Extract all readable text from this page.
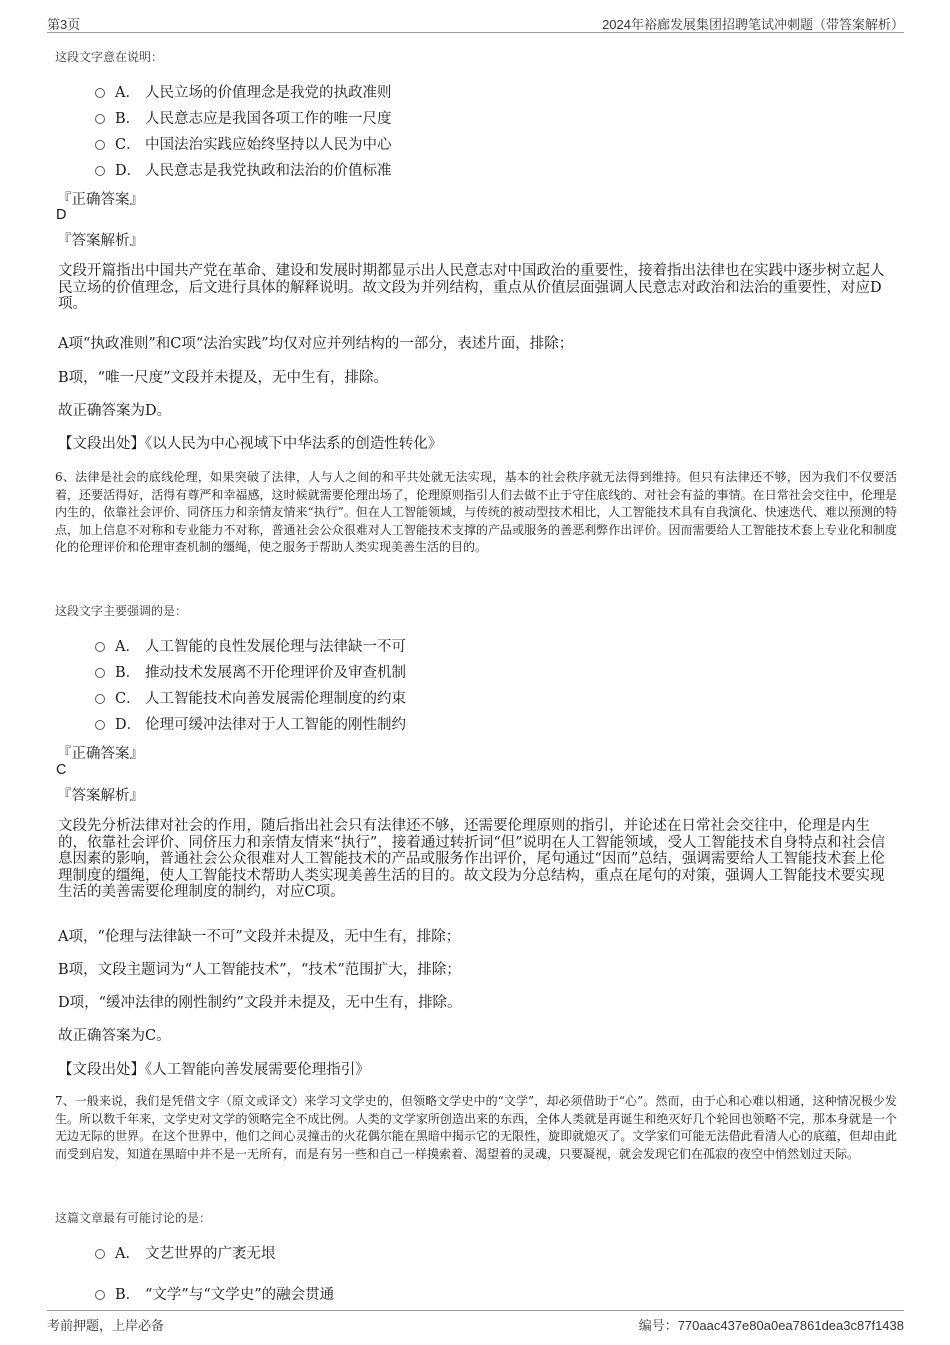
第3页	2024年裕廊发展集团招聘笔试冲刺题（带答案解析）
这段文字意在说明：
A． 人民立场的价值理念是我党的执政准则
B． 人民意志应是我国各项工作的唯一尺度
C． 中国法治实践应始终坚持以人民为中心
D． 人民意志是我党执政和法治的价值标准
『正确答案』
D
『答案解析』
文段开篇指出中国共产党在革命、建设和发展时期都显示出人民意志对中国政治的重要性，接着指出法律也在实践中逐步树立起人民立场的价值理念，后文进行具体的解释说明。故文段为并列结构，重点从价值层面强调人民意志对政治和法治的重要性，对应D项。
A项“执政准则”和C项“法治实践”均仅对应并列结构的一部分，表述片面，排除；
B项，“唯一尺度”文段并未提及，无中生有，排除。
故正确答案为D。
【文段出处】《以人民为中心视域下中华法系的创造性转化》
6、法律是社会的底线伦理，如果突破了法律，人与人之间的和平共处就无法实现，基本的社会秩序就无法得到维持。但只有法律还不够，因为我们不仅要活着，还要活得好，活得有尊严和幸福感，这时候就需要伦理出场了，伦理原则指引人们去做不止于守住底线的、对社会有益的事情。在日常社会交往中，伦理是内生的，依靠社会评价、同侪压力和亲情友情来“执行”。但在人工智能领域，与传统的被动型技术相比，人工智能技术具有自我演化、快速迭代、难以预测的特点，加上信息不对称和专业能力不对称，普通社会公众很难对人工智能技术支撑的产品或服务的善恶利弊作出评价。因而需要给人工智能技术套上专业化和制度化的伦理评价和伦理审查机制的缰绳，使之服务于帮助人类实现美善生活的目的。
这段文字主要强调的是：
A． 人工智能的良性发展伦理与法律缺一不可
B． 推动技术发展离不开伦理评价及审查机制
C． 人工智能技术向善发展需伦理制度的约束
D． 伦理可缓冲法律对于人工智能的刚性制约
『正确答案』
C
『答案解析』
文段先分析法律对社会的作用，随后指出社会只有法律还不够，还需要伦理原则的指引，并论述在日常社会交往中，伦理是内生的，依靠社会评价、同侪压力和亲情友情来“执行”，接着通过转折词“但”说明在人工智能领域，受人工智能技术自身特点和社会信息因素的影响，普通社会公众很难对人工智能技术的产品或服务作出评价，尾句通过“因而”总结，强调需要给人工智能技术套上伦理制度的缰绳，使人工智能技术帮助人类实现美善生活的目的。故文段为分总结构，重点在尾句的对策，强调人工智能技术要实现生活的美善需要伦理制度的制约，对应C项。
A项，“伦理与法律缺一不可”文段并未提及，无中生有，排除；
B项，文段主题词为“人工智能技术”，“技术”范围扩大，排除；
D项，“缓冲法律的刚性制约”文段并未提及，无中生有，排除。
故正确答案为C。
【文段出处】《人工智能向善发展需要伦理指引》
7、一般来说，我们是凭借文字（原文或译文）来学习文学史的，但领略文学史中的“文学”，却必须借助于“心”。然而，由于心和心难以相通，这种情况极少发生。所以数千年来，文学史对文学的领略完全不成比例。人类的文学家所创造出来的东西，全体人类就是再诞生和绝灭好几个轮回也领略不完，那本身就是一个无边无际的世界。在这个世界中，他们之间心灵撞击的火花偶尔能在黑暗中揭示它的无限性，旋即就熄灭了。文学家们可能无法借此看清人心的底蕴，但却由此而受到启发，知道在黑暗中并不是一无所有，而是有另一些和自己一样摸索着、渴望着的灵魂，只要凝视，就会发现它们在孤寂的夜空中悄然划过天际。
这篇文章最有可能讨论的是：
A． 文艺世界的广袤无垠
B． “文学”与“文学史”的融会贯通
考前押题，上岸必备	编号：770aac437e80a0ea7861dea3c87f1438
